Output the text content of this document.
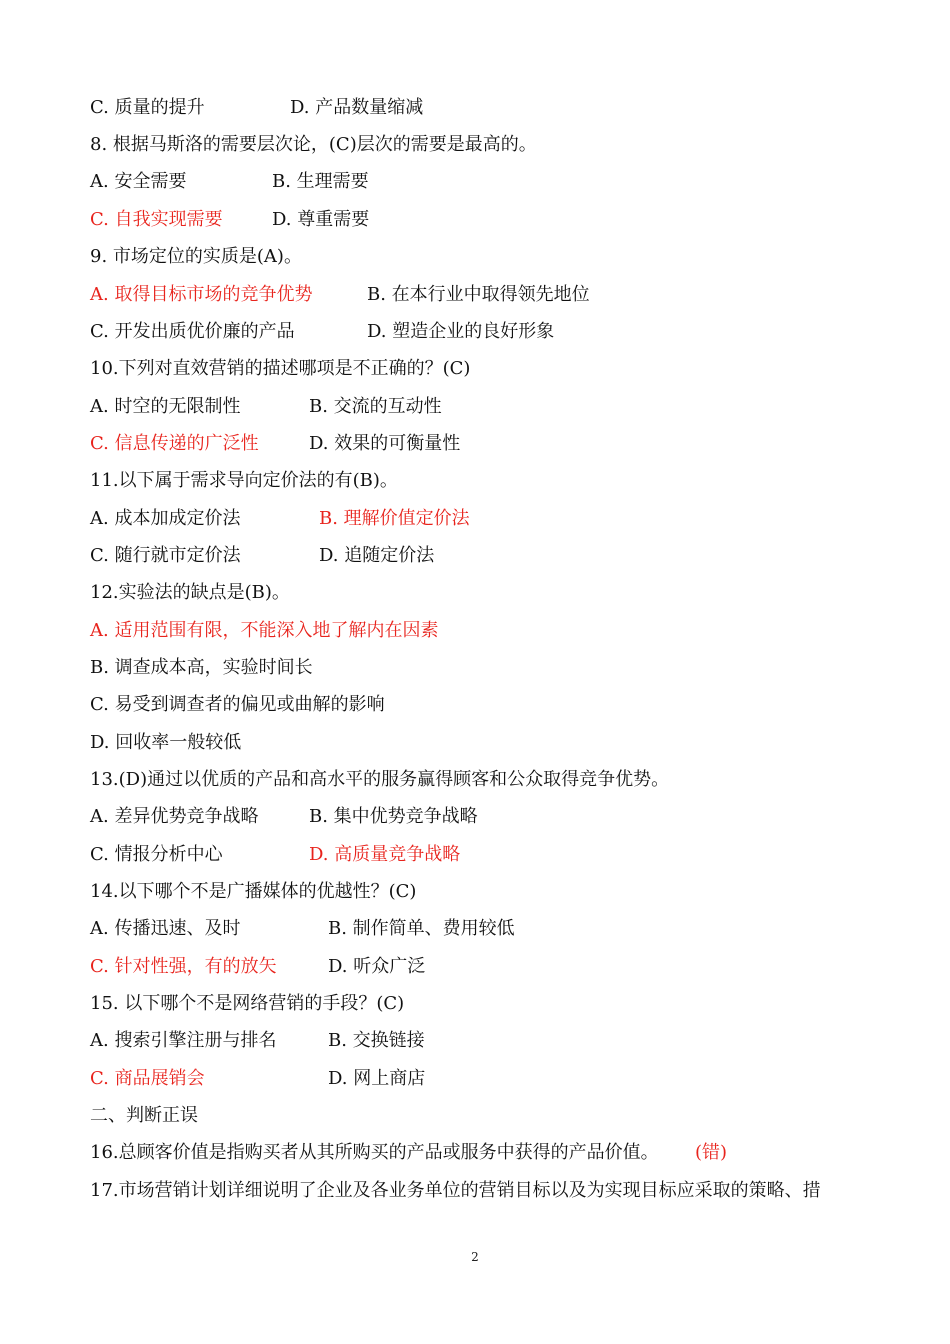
C. 质量的提升	D. 产品数量缩减
8. 根据马斯洛的需要层次论，(C)层次的需要是最高的。
A. 安全需要	B. 生理需要
C. 自我实现需要	D. 尊重需要
9. 市场定位的实质是(A)。
A. 取得目标市场的竞争优势	B. 在本行业中取得领先地位
C. 开发出质优价廉的产品	D. 塑造企业的良好形象
10.下列对直效营销的描述哪项是不正确的？(C)
A. 时空的无限制性	B. 交流的互动性
C. 信息传递的广泛性	D. 效果的可衡量性
11.以下属于需求导向定价法的有(B)。
A. 成本加成定价法	B. 理解价值定价法
C. 随行就市定价法	D. 追随定价法
12.实验法的缺点是(B)。
A. 适用范围有限，不能深入地了解内在因素
B. 调查成本高，实验时间长
C. 易受到调查者的偏见或曲解的影响
D. 回收率一般较低
13.(D)通过以优质的产品和高水平的服务赢得顾客和公众取得竞争优势。
A. 差异优势竞争战略	B. 集中优势竞争战略
C. 情报分析中心	D. 高质量竞争战略
14.以下哪个不是广播媒体的优越性？(C)
A. 传播迅速、及时	B. 制作简单、费用较低
C. 针对性强，有的放矢	D. 听众广泛
15. 以下哪个不是网络营销的手段？(C)
A. 搜索引擎注册与排名	B. 交换链接
C. 商品展销会	D. 网上商店
二、判断正误
16.总顾客价值是指购买者从其所购买的产品或服务中获得的产品价值。 (错)
17.市场营销计划详细说明了企业及各业务单位的营销目标以及为实现目标应采取的策略、措
2
